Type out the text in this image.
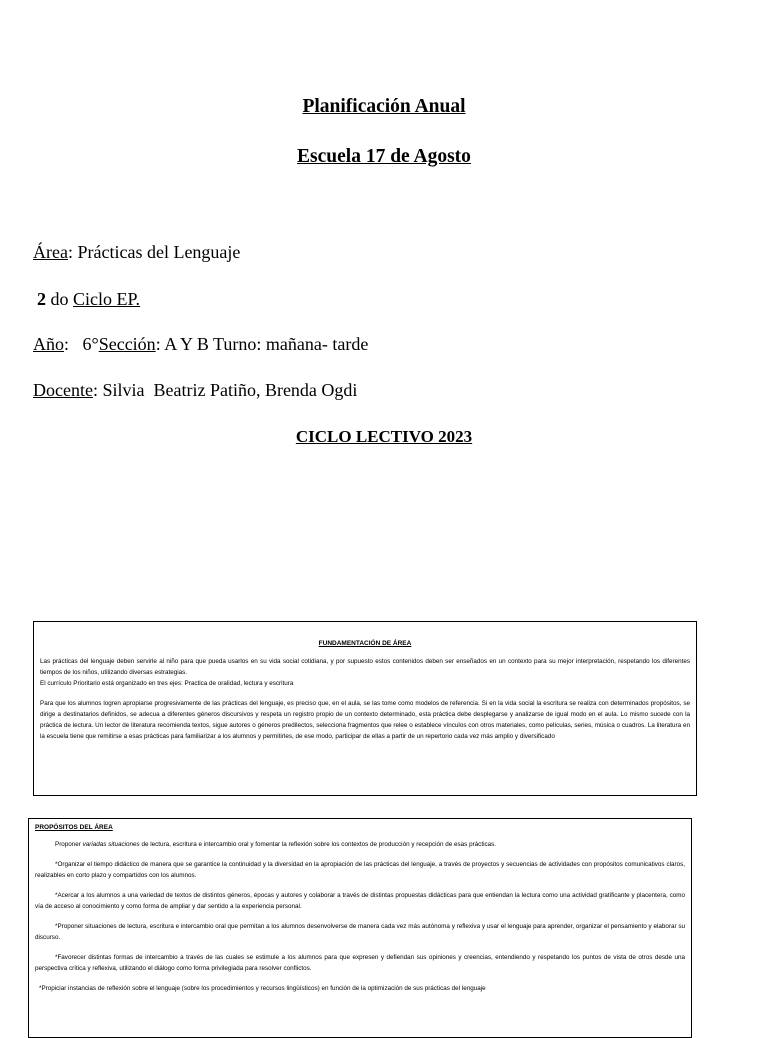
Planificación Anual
Escuela 17 de Agosto
Área: Prácticas del Lenguaje
2 do Ciclo EP.
Año:   6°Sección: A Y B Turno: mañana- tarde
Docente: Silvia  Beatriz Patiño, Brenda Ogdi
CICLO LECTIVO 2023
FUNDAMENTACIÓN DE ÁREA
Las prácticas del lenguaje deben servirle al niño para que pueda usarlos en su vida social cotidiana, y por supuesto estos contenidos deben ser enseñados en un contexto para su mejor interpretación, respetando los diferentes tiempos de los niños, utilizando diversas estrategias.
El currículo Prioritario está organizado en tres ejes: Practica de oralidad, lectura y escritura
Para que los alumnos logren apropiarse progresivamente de las prácticas del lenguaje, es preciso que, en el aula, se las tome como modelos de referencia. Si en la vida social la escritura se realiza con determinados propósitos, se dirige a destinatarios definidos, se adecua a diferentes géneros discursivos y respeta un registro propio de un contexto determinado, esta práctica debe desplegarse y analizarse de igual modo en el aula. Lo mismo sucede con la práctica de lectura. Un lector de literatura recomienda textos, sigue autores o géneros predilectos, selecciona fragmentos que relee o establece vínculos con otros materiales, como películas, series, música o cuadros. La literatura en la escuela tiene que remitirse a esas prácticas para familiarizar a los alumnos y permitirles, de ese modo, participar de ellas a partir de un repertorio cada vez más amplio y diversificado
PROPÓSITOS DEL ÁREA
Proponer variadas situaciones de lectura, escritura e intercambio oral y fomentar la reflexión sobre los contextos de producción y recepción de esas prácticas.
*Organizar el tiempo didáctico de manera que se garantice la continuidad y la diversidad en la apropiación de las prácticas del lenguaje, a través de proyectos y secuencias de actividades con propósitos comunicativos claros, realizables en corto plazo y compartidos con los alumnos.
*Acercar a los alumnos a una variedad de textos de distintos géneros, épocas y autores y colaborar a través de distintas propuestas didácticas para que entiendan la lectura como una actividad gratificante y placentera, como vía de acceso al conocimiento y como forma de ampliar y dar sentido a la experiencia personal.
*Proponer situaciones de lectura, escritura e intercambio oral que permitan a los alumnos desenvolverse de manera cada vez más autónoma y reflexiva y usar el lenguaje para aprender, organizar el pensamiento y elaborar su discurso.
*Favorecer distintas formas de intercambio a través de las cuales se estimule a los alumnos para que expresen y defiendan sus opiniones y creencias, entendiendo y respetando los puntos de vista de otros desde una perspectiva crítica y reflexiva, utilizando el diálogo como forma privilegiada para resolver conflictos.
*Propiciar instancias de reflexión sobre el lenguaje (sobre los procedimientos y recursos lingüísticos) en función de la optimización de sus prácticas del lenguaje
